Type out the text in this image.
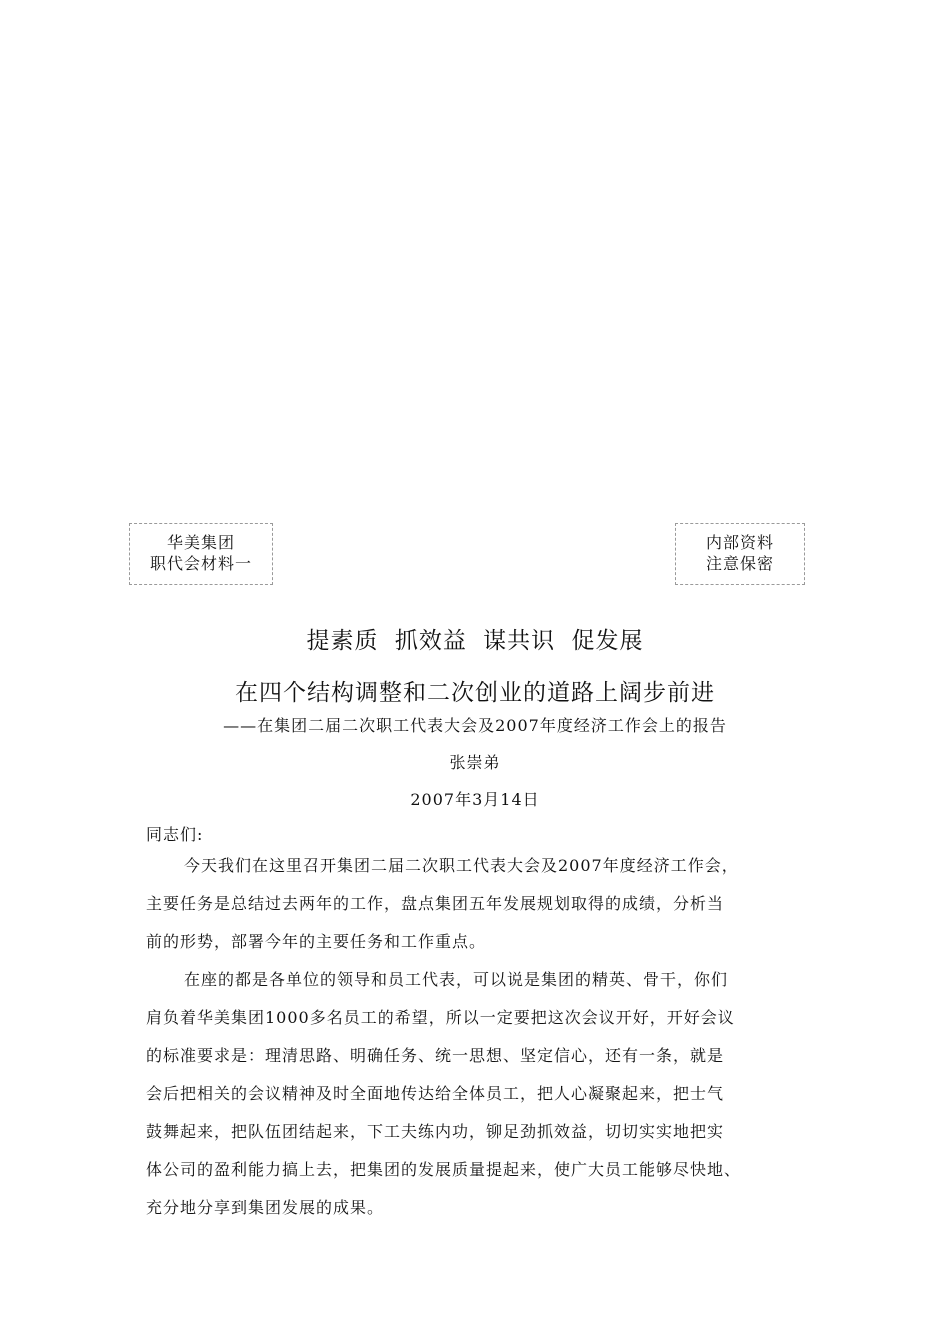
华美集团
职代会材料一
内部资料
注意保密
提素质 抓效益 谋共识 促发展
在四个结构调整和二次创业的道路上阔步前进
——在集团二届二次职工代表大会及2007年度经济工作会上的报告
张崇弟
2007年3月14日
同志们:
今天我们在这里召开集团二届二次职工代表大会及2007年度经济工作会，
主要任务是总结过去两年的工作，盘点集团五年发展规划取得的成绩，分析当
前的形势，部署今年的主要任务和工作重点。
在座的都是各单位的领导和员工代表，可以说是集团的精英、骨干，你们
肩负着华美集团1000多名员工的希望，所以一定要把这次会议开好，开好会议
的标准要求是：理清思路、明确任务、统一思想、坚定信心，还有一条，就是
会后把相关的会议精神及时全面地传达给全体员工，把人心凝聚起来，把士气
鼓舞起来，把队伍团结起来，下工夫练内功，铆足劲抓效益，切切实实地把实
体公司的盈利能力搞上去，把集团的发展质量提起来，使广大员工能够尽快地、
充分地分享到集团发展的成果。
